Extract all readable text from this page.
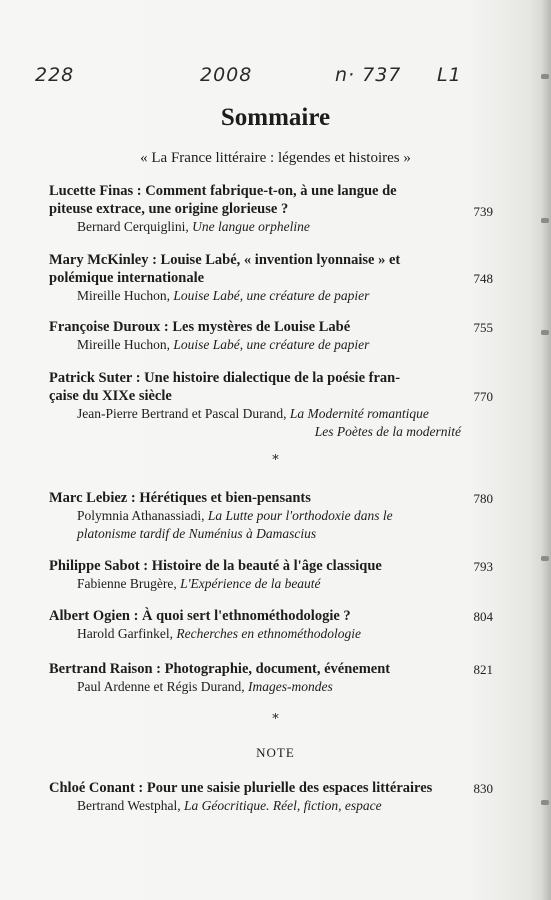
228	2008	n· 737 L1
Sommaire
« La France littéraire : légendes et histoires »
Lucette Finas : Comment fabrique-t-on, à une langue de
piteuse extrace, une origine glorieuse ?
Bernard Cerquiglini, Une langue orpheline
739
Mary McKinley : Louise Labé, « invention lyonnaise » et
polémique internationale
Mireille Huchon, Louise Labé, une créature de papier
748
Françoise Duroux : Les mystères de Louise Labé
Mireille Huchon, Louise Labé, une créature de papier
755
Patrick Suter : Une histoire dialectique de la poésie fran-
çaise du XIXe siècle
Jean-Pierre Bertrand et Pascal Durand, La Modernité romantique
Les Poètes de la modernité
770
*
Marc Lebiez : Hérétiques et bien-pensants
Polymnia Athanassiadi, La Lutte pour l'orthodoxie dans le
platonisme tardif de Numénius à Damascius
780
Philippe Sabot : Histoire de la beauté à l'âge classique
Fabienne Brugère, L'Expérience de la beauté
793
Albert Ogien : À quoi sert l'ethnométhodologie ?
Harold Garfinkel, Recherches en ethnométhodologie
804
Bertrand Raison : Photographie, document, événement
Paul Ardenne et Régis Durand, Images-mondes
821
*
NOTE
Chloé Conant : Pour une saisie plurielle des espaces littéraires
Bertrand Westphal, La Géocritique. Réel, fiction, espace
830
